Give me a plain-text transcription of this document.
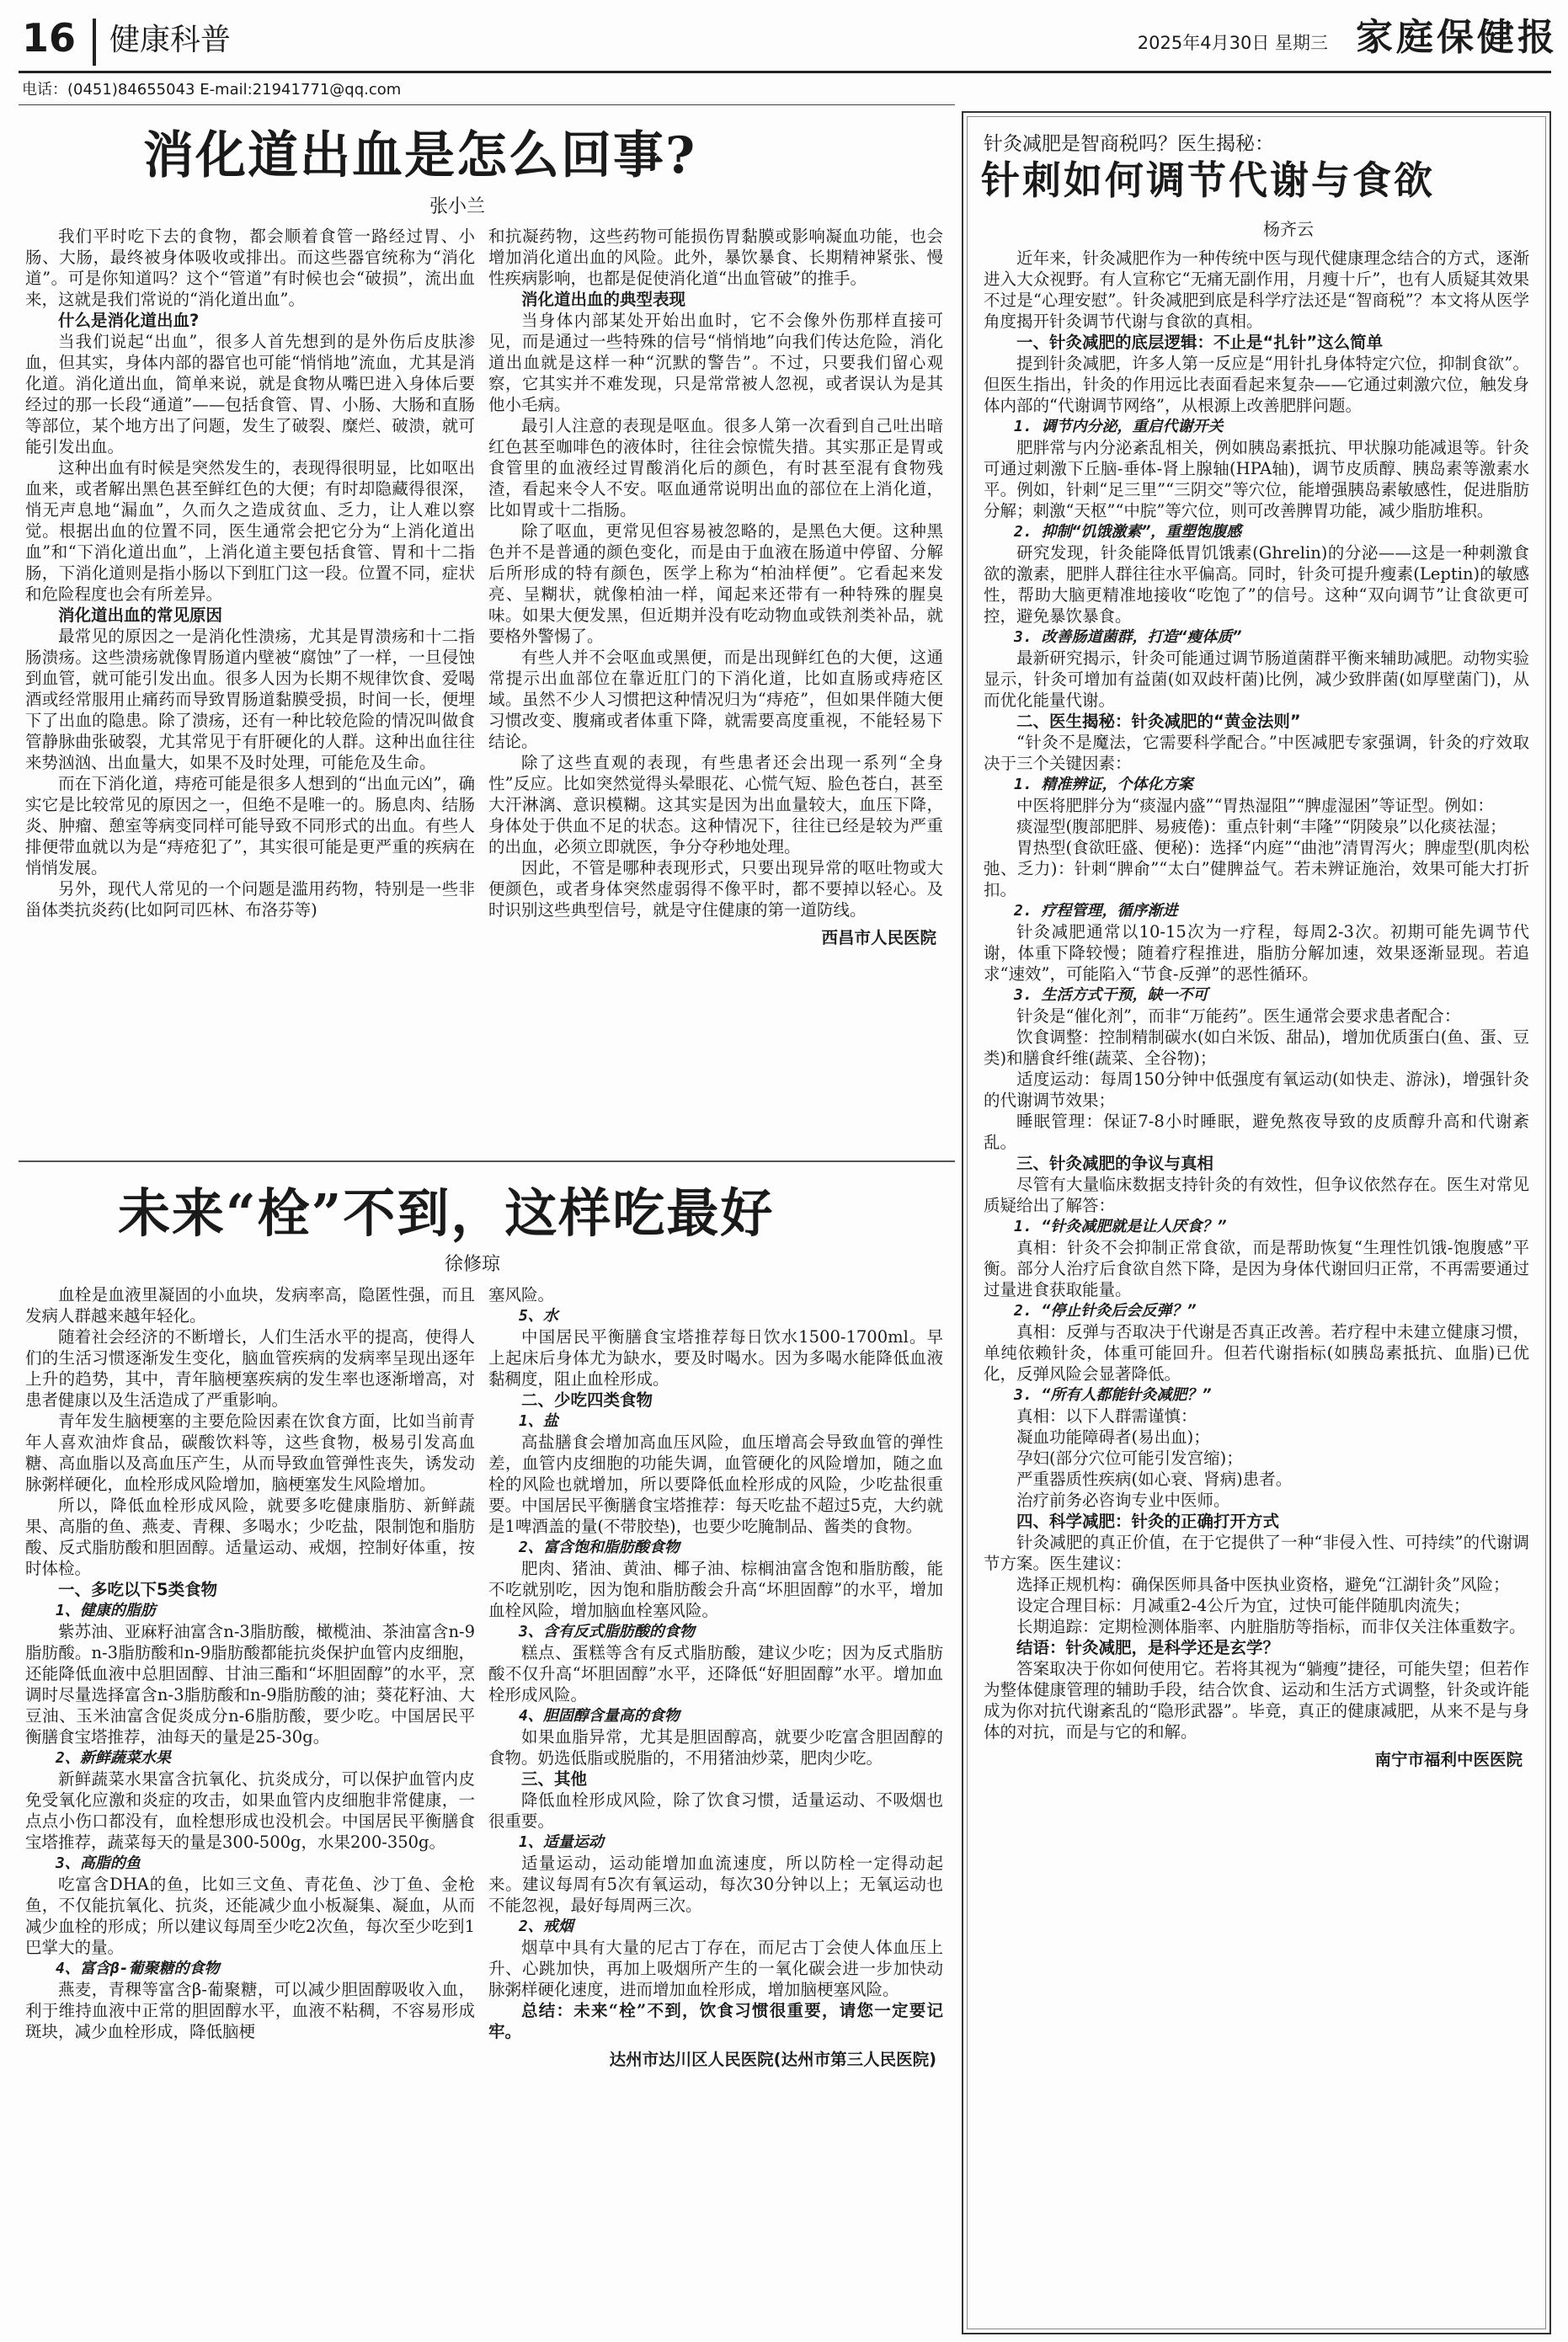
16 健康科普	2025年4月30日 星期三 家庭保健报
电话：(0451)84655043 E-mail:21941771@qq.com
消化道出血是怎么回事?
张小兰
我们平时吃下去的食物，都会顺着食管一路经过胃、小肠、大肠，最终被身体吸收或排出。而这些器官统称为“消化道”。可是你知道吗？这个“管道”有时候也会“破损”，流出血来，这就是我们常说的“消化道出血”。
什么是消化道出血?
当我们说起“出血”，很多人首先想到的是外伤后皮肤渗血，但其实，身体内部的器官也可能“悄悄地”流血，尤其是消化道。消化道出血，简单来说，就是食物从嘴巴进入身体后要经过的那一长段“通道”——包括食管、胃、小肠、大肠和直肠等部位，某个地方出了问题，发生了破裂、糜烂、破溃，就可能引发出血。
这种出血有时候是突然发生的，表现得很明显，比如呕出血来，或者解出黑色甚至鲜红色的大便；有时却隐藏得很深，悄无声息地“漏血”，久而久之造成贫血、乏力，让人难以察觉。根据出血的位置不同，医生通常会把它分为“上消化道出血”和“下消化道出血”，上消化道主要包括食管、胃和十二指肠，下消化道则是指小肠以下到肛门这一段。位置不同，症状和危险程度也会有所差异。
消化道出血的常见原因
最常见的原因之一是消化性溃疡，尤其是胃溃疡和十二指肠溃疡。这些溃疡就像胃肠道内壁被“腐蚀”了一样，一旦侵蚀到血管，就可能引发出血。很多人因为长期不规律饮食、爱喝酒或经常服用止痛药而导致胃肠道黏膜受损，时间一长，便埋下了出血的隐患。除了溃疡，还有一种比较危险的情况叫做食管静脉曲张破裂，尤其常见于有肝硬化的人群。这种出血往往来势汹汹、出血量大，如果不及时处理，可能危及生命。
而在下消化道，痔疮可能是很多人想到的“出血元凶”，确实它是比较常见的原因之一，但绝不是唯一的。肠息肉、结肠炎、肿瘤、憩室等病变同样可能导致不同形式的出血。有些人排便带血就以为是“痔疮犯了”，其实很可能是更严重的疾病在悄悄发展。
另外，现代人常见的一个问题是滥用药物，特别是一些非甾体类抗炎药(比如阿司匹林、布洛芬等)
和抗凝药物，这些药物可能损伤胃黏膜或影响凝血功能，也会增加消化道出血的风险。此外，暴饮暴食、长期精神紧张、慢性疾病影响，也都是促使消化道“出血管破”的推手。
消化道出血的典型表现
当身体内部某处开始出血时，它不会像外伤那样直接可见，而是通过一些特殊的信号“悄悄地”向我们传达危险，消化道出血就是这样一种“沉默的警告”。不过，只要我们留心观察，它其实并不难发现，只是常常被人忽视，或者误认为是其他小毛病。
最引人注意的表现是呕血。很多人第一次看到自己吐出暗红色甚至咖啡色的液体时，往往会惊慌失措。其实那正是胃或食管里的血液经过胃酸消化后的颜色，有时甚至混有食物残渣，看起来令人不安。呕血通常说明出血的部位在上消化道，比如胃或十二指肠。
除了呕血，更常见但容易被忽略的，是黑色大便。这种黑色并不是普通的颜色变化，而是由于血液在肠道中停留、分解后所形成的特有颜色，医学上称为“柏油样便”。它看起来发亮、呈糊状，就像柏油一样，闻起来还带有一种特殊的腥臭味。如果大便发黑，但近期并没有吃动物血或铁剂类补品，就要格外警惕了。
有些人并不会呕血或黑便，而是出现鲜红色的大便，这通常提示出血部位在靠近肛门的下消化道，比如直肠或痔疮区域。虽然不少人习惯把这种情况归为“痔疮”，但如果伴随大便习惯改变、腹痛或者体重下降，就需要高度重视，不能轻易下结论。
除了这些直观的表现，有些患者还会出现一系列“全身性”反应。比如突然觉得头晕眼花、心慌气短、脸色苍白，甚至大汗淋漓、意识模糊。这其实是因为出血量较大，血压下降，身体处于供血不足的状态。这种情况下，往往已经是较为严重的出血，必须立即就医，争分夺秒地处理。
因此，不管是哪种表现形式，只要出现异常的呕吐物或大便颜色，或者身体突然虚弱得不像平时，都不要掉以轻心。及时识别这些典型信号，就是守住健康的第一道防线。
西昌市人民医院
未来“栓”不到，这样吃最好
徐修琼
血栓是血液里凝固的小血块，发病率高，隐匿性强，而且发病人群越来越年轻化。
随着社会经济的不断增长，人们生活水平的提高，使得人们的生活习惯逐渐发生变化，脑血管疾病的发病率呈现出逐年上升的趋势，其中，青年脑梗塞疾病的发生率也逐渐增高，对患者健康以及生活造成了严重影响。
青年发生脑梗塞的主要危险因素在饮食方面，比如当前青年人喜欢油炸食品，碳酸饮料等，这些食物，极易引发高血糖、高血脂以及高血压产生，从而导致血管弹性丧失，诱发动脉粥样硬化，血栓形成风险增加，脑梗塞发生风险增加。
所以，降低血栓形成风险，就要多吃健康脂肪、新鲜蔬果、高脂的鱼、燕麦、青稞、多喝水；少吃盐，限制饱和脂肪酸、反式脂肪酸和胆固醇。适量运动、戒烟，控制好体重，按时体检。
一、多吃以下5类食物
1、健康的脂肪
紫苏油、亚麻籽油富含n-3脂肪酸，橄榄油、茶油富含n-9脂肪酸。n-3脂肪酸和n-9脂肪酸都能抗炎保护血管内皮细胞，还能降低血液中总胆固醇、甘油三酯和“坏胆固醇”的水平，烹调时尽量选择富含n-3脂肪酸和n-9脂肪酸的油；葵花籽油、大豆油、玉米油富含促炎成分n-6脂肪酸，要少吃。中国居民平衡膳食宝塔推荐，油每天的量是25-30g。
2、新鲜蔬菜水果
新鲜蔬菜水果富含抗氧化、抗炎成分，可以保护血管内皮免受氧化应激和炎症的攻击，如果血管内皮细胞非常健康，一点点小伤口都没有，血栓想形成也没机会。中国居民平衡膳食宝塔推荐，蔬菜每天的量是300-500g，水果200-350g。
3、高脂的鱼
吃富含DHA的鱼，比如三文鱼、青花鱼、沙丁鱼、金枪鱼，不仅能抗氧化、抗炎，还能减少血小板凝集、凝血，从而减少血栓的形成；所以建议每周至少吃2次鱼，每次至少吃到1巴掌大的量。
4、富含β-葡聚糖的食物
燕麦，青稞等富含β-葡聚糖，可以减少胆固醇吸收入血，利于维持血液中正常的胆固醇水平，血液不粘稠，不容易形成斑块，减少血栓形成，降低脑梗
塞风险。
5、水
中国居民平衡膳食宝塔推荐每日饮水1500-1700ml。早上起床后身体尤为缺水，要及时喝水。因为多喝水能降低血液黏稠度，阻止血栓形成。
二、少吃四类食物
1、盐
高盐膳食会增加高血压风险，血压增高会导致血管的弹性差，血管内皮细胞的功能失调，血管硬化的风险增加，随之血栓的风险也就增加，所以要降低血栓形成的风险，少吃盐很重要。中国居民平衡膳食宝塔推荐：每天吃盐不超过5克，大约就是1啤酒盖的量(不带胶垫)，也要少吃腌制品、酱类的食物。
2、富含饱和脂肪酸食物
肥肉、猪油、黄油、椰子油、棕榈油富含饱和脂肪酸，能不吃就别吃，因为饱和脂肪酸会升高“坏胆固醇”的水平，增加血栓风险，增加脑血栓塞风险。
3、含有反式脂肪酸的食物
糕点、蛋糕等含有反式脂肪酸，建议少吃；因为反式脂肪酸不仅升高“坏胆固醇”水平，还降低“好胆固醇”水平。增加血栓形成风险。
4、胆固醇含量高的食物
如果血脂异常，尤其是胆固醇高，就要少吃富含胆固醇的食物。奶选低脂或脱脂的，不用猪油炒菜，肥肉少吃。
三、其他
降低血栓形成风险，除了饮食习惯，适量运动、不吸烟也很重要。
1、适量运动
适量运动，运动能增加血流速度，所以防栓一定得动起来。建议每周有5次有氧运动，每次30分钟以上；无氧运动也不能忽视，最好每周两三次。
2、戒烟
烟草中具有大量的尼古丁存在，而尼古丁会使人体血压上升、心跳加快，再加上吸烟所产生的一氧化碳会进一步加快动脉粥样硬化速度，进而增加血栓形成，增加脑梗塞风险。
总结：未来“栓”不到，饮食习惯很重要，请您一定要记牢。
达州市达川区人民医院(达州市第三人民医院)
针灸减肥是智商税吗？医生揭秘：
针刺如何调节代谢与食欲
杨齐云
近年来，针灸减肥作为一种传统中医与现代健康理念结合的方式，逐渐进入大众视野。有人宣称它“无痛无副作用，月瘦十斤”，也有人质疑其效果不过是“心理安慰”。针灸减肥到底是科学疗法还是“智商税”？本文将从医学角度揭开针灸调节代谢与食欲的真相。
一、针灸减肥的底层逻辑：不止是“扎针”这么简单
提到针灸减肥，许多人第一反应是“用针扎身体特定穴位，抑制食欲”。但医生指出，针灸的作用远比表面看起来复杂——它通过刺激穴位，触发身体内部的“代谢调节网络”，从根源上改善肥胖问题。
1. 调节内分泌，重启代谢开关
肥胖常与内分泌紊乱相关，例如胰岛素抵抗、甲状腺功能减退等。针灸可通过刺激下丘脑-垂体-肾上腺轴(HPA轴)，调节皮质醇、胰岛素等激素水平。例如，针刺“足三里”“三阴交”等穴位，能增强胰岛素敏感性，促进脂肪分解；刺激“天枢”“中脘”等穴位，则可改善脾胃功能，减少脂肪堆积。
2. 抑制“饥饿激素”，重塑饱腹感
研究发现，针灸能降低胃饥饿素(Ghrelin)的分泌——这是一种刺激食欲的激素，肥胖人群往往水平偏高。同时，针灸可提升瘦素(Leptin)的敏感性，帮助大脑更精准地接收“吃饱了”的信号。这种“双向调节”让食欲更可控，避免暴饮暴食。
3. 改善肠道菌群，打造“瘦体质”
最新研究揭示，针灸可能通过调节肠道菌群平衡来辅助减肥。动物实验显示，针灸可增加有益菌(如双歧杆菌)比例，减少致胖菌(如厚壁菌门)，从而优化能量代谢。
二、医生揭秘：针灸减肥的“黄金法则”
“针灸不是魔法，它需要科学配合。”中医减肥专家强调，针灸的疗效取决于三个关键因素：
1. 精准辨证，个体化方案
中医将肥胖分为“痰湿内盛”“胃热湿阻”“脾虚湿困”等证型。例如：
痰湿型(腹部肥胖、易疲倦)：重点针刺“丰隆”“阴陵泉”以化痰祛湿；
胃热型(食欲旺盛、便秘)：选择“内庭”“曲池”清胃泻火；脾虚型(肌肉松弛、乏力)：针刺“脾俞”“太白”健脾益气。若未辨证施治，效果可能大打折扣。
2. 疗程管理，循序渐进
针灸减肥通常以10-15次为一疗程，每周2-3次。初期可能先调节代谢，体重下降较慢；随着疗程推进，脂肪分解加速，效果逐渐显现。若追求“速效”，可能陷入“节食-反弹”的恶性循环。
3. 生活方式干预，缺一不可
针灸是“催化剂”，而非“万能药”。医生通常会要求患者配合：
饮食调整：控制精制碳水(如白米饭、甜品)，增加优质蛋白(鱼、蛋、豆类)和膳食纤维(蔬菜、全谷物)；
适度运动：每周150分钟中低强度有氧运动(如快走、游泳)，增强针灸的代谢调节效果；
睡眠管理：保证7-8小时睡眠，避免熬夜导致的皮质醇升高和代谢紊乱。
三、针灸减肥的争议与真相
尽管有大量临床数据支持针灸的有效性，但争议依然存在。医生对常见质疑给出了解答：
1. “针灸减肥就是让人厌食？”
真相：针灸不会抑制正常食欲，而是帮助恢复“生理性饥饿-饱腹感”平衡。部分人治疗后食欲自然下降，是因为身体代谢回归正常，不再需要通过过量进食获取能量。
2. “停止针灸后会反弹？”
真相：反弹与否取决于代谢是否真正改善。若疗程中未建立健康习惯，单纯依赖针灸，体重可能回升。但若代谢指标(如胰岛素抵抗、血脂)已优化，反弹风险会显著降低。
3. “所有人都能针灸减肥？”
真相：以下人群需谨慎：
凝血功能障碍者(易出血)；
孕妇(部分穴位可能引发宫缩)；
严重器质性疾病(如心衰、肾病)患者。
治疗前务必咨询专业中医师。
四、科学减肥：针灸的正确打开方式
针灸减肥的真正价值，在于它提供了一种“非侵入性、可持续”的代谢调节方案。医生建议：
选择正规机构：确保医师具备中医执业资格，避免“江湖针灸”风险；
设定合理目标：月减重2-4公斤为宜，过快可能伴随肌肉流失；
长期追踪：定期检测体脂率、内脏脂肪等指标，而非仅关注体重数字。
结语：针灸减肥，是科学还是玄学？
答案取决于你如何使用它。若将其视为“躺瘦”捷径，可能失望；但若作为整体健康管理的辅助手段，结合饮食、运动和生活方式调整，针灸或许能成为你对抗代谢紊乱的“隐形武器”。毕竟，真正的健康减肥，从来不是与身体的对抗，而是与它的和解。
南宁市福利中医医院
